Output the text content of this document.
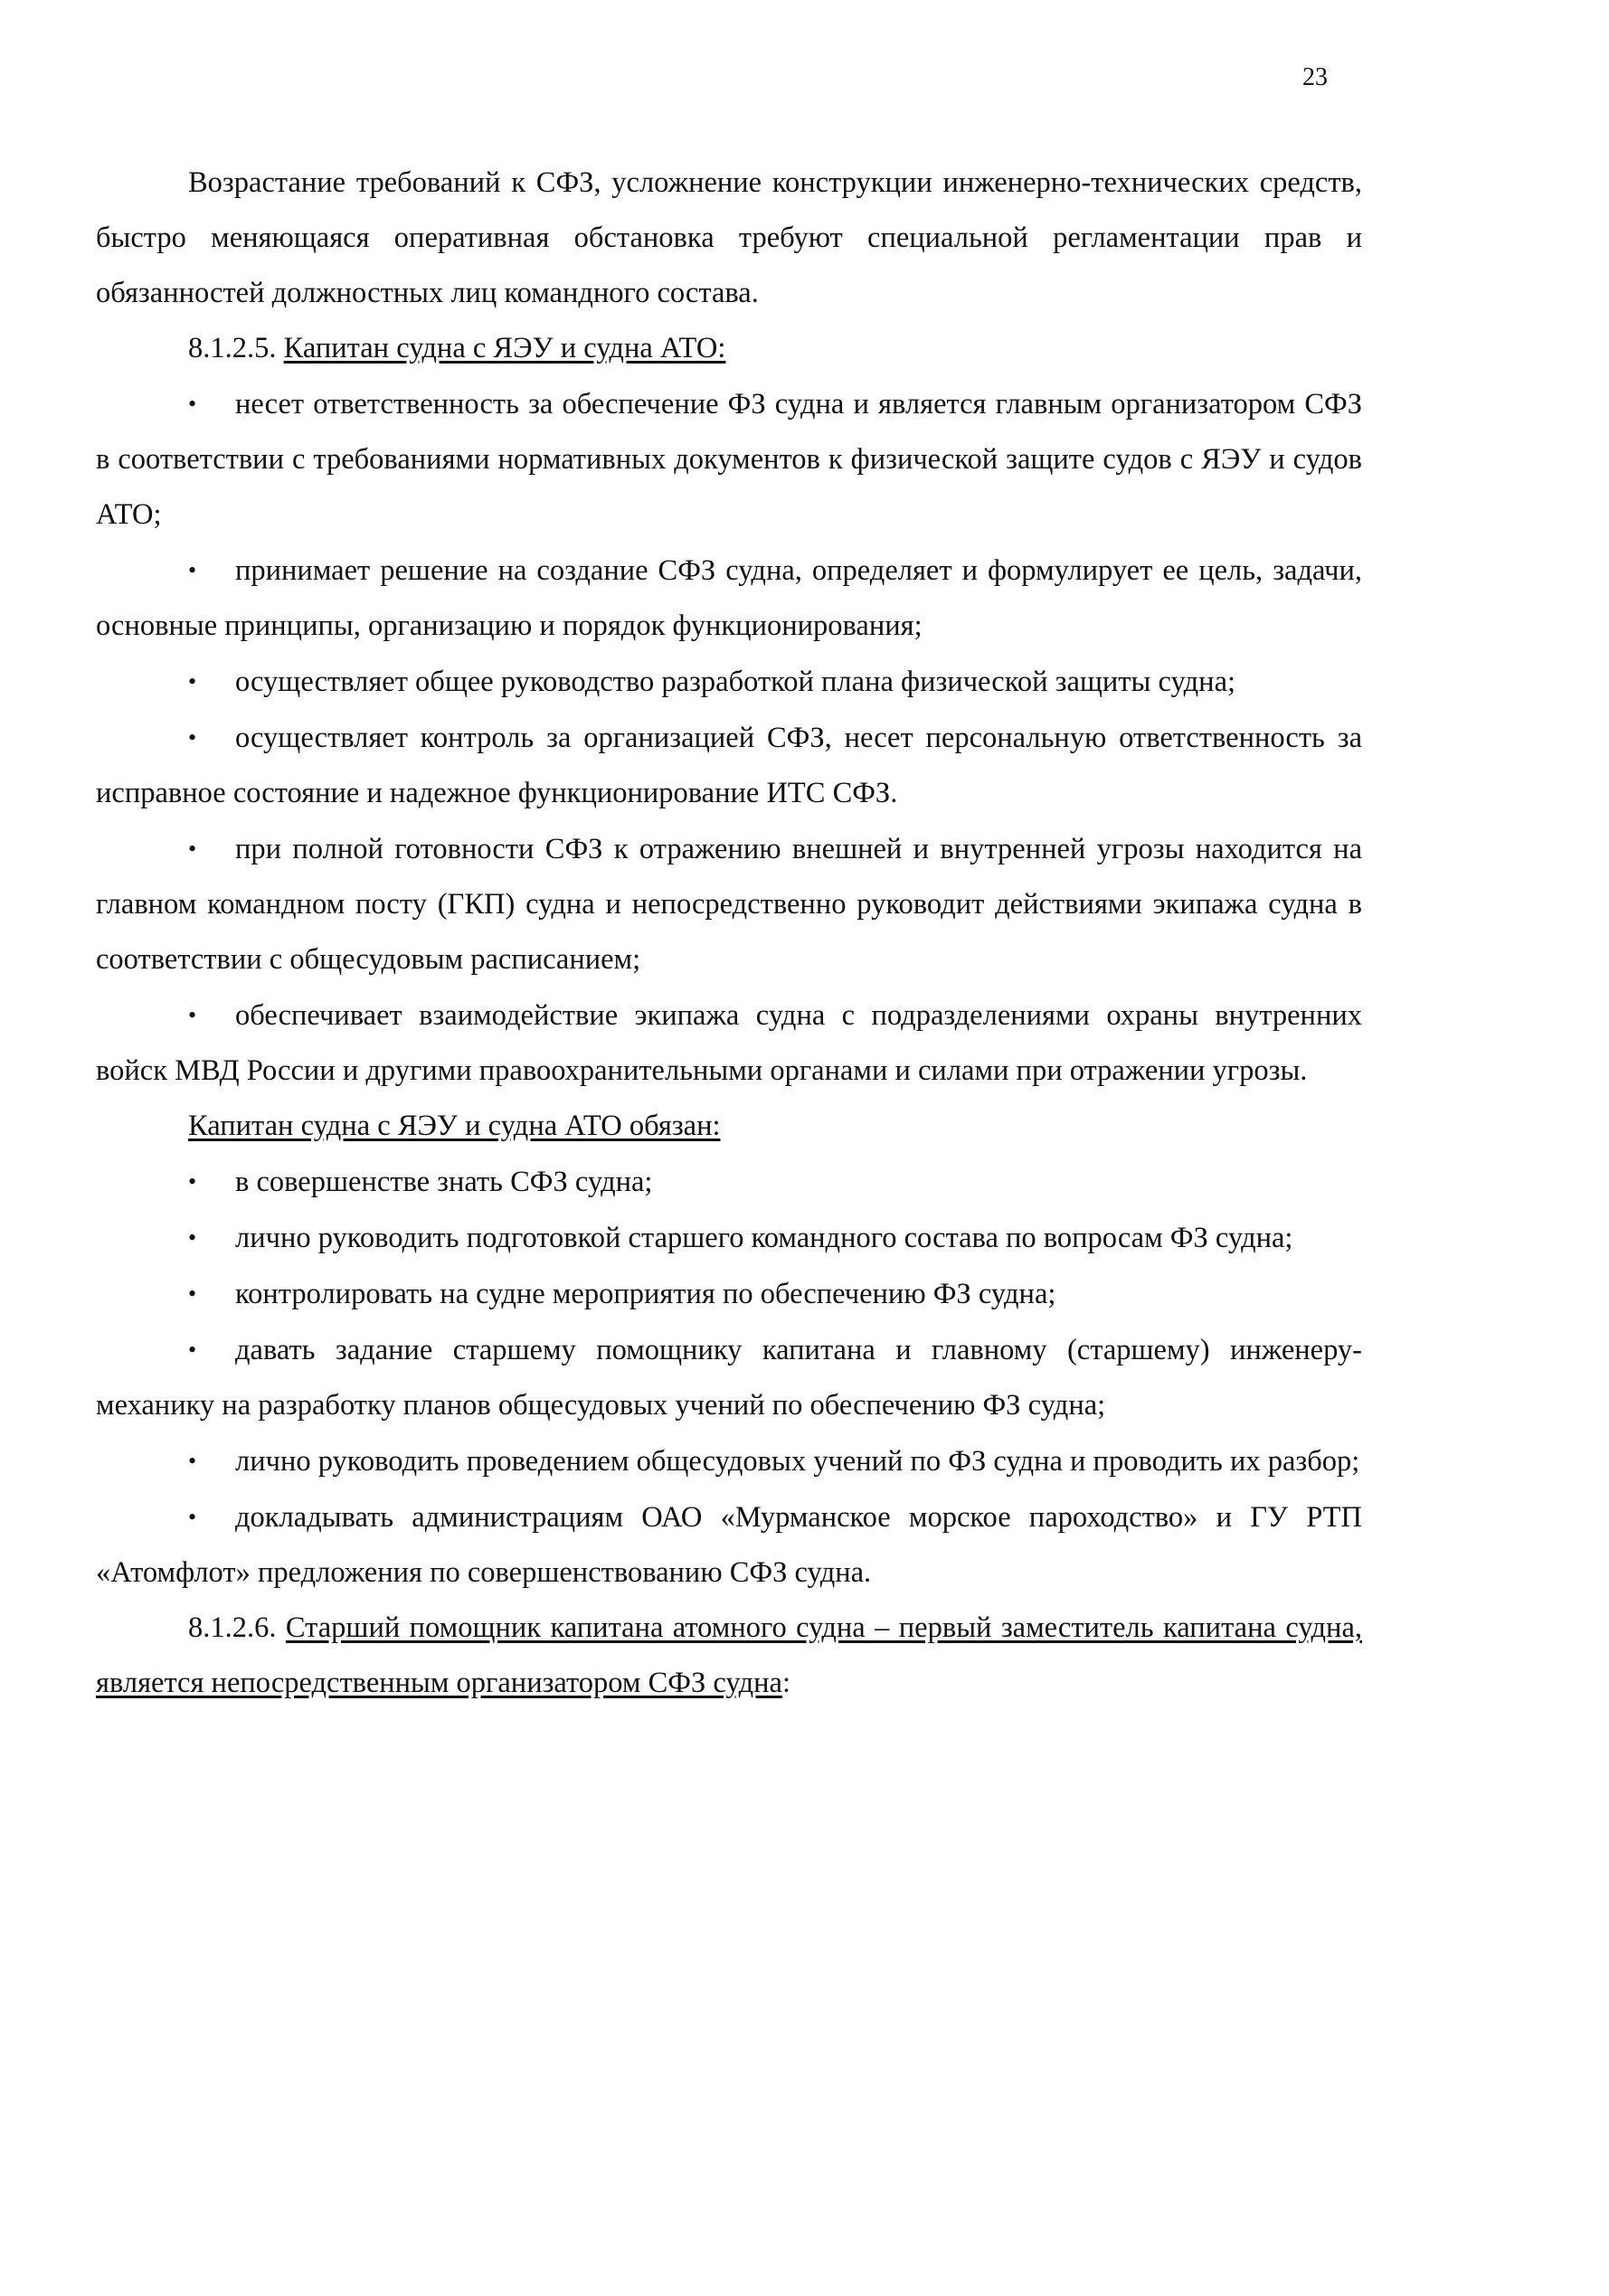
23

Возрастание требований к СФЗ, усложнение конструкции инженерно-технических средств, быстро меняющаяся оперативная обстановка требуют специальной регламентации прав и обязанностей должностных лиц командного состава.

8.1.2.5. Капитан судна с ЯЭУ и судна АТО:

• несет ответственность за обеспечение ФЗ судна и является главным организатором СФЗ в соответствии с требованиями нормативных документов к физической защите судов с ЯЭУ и судов АТО;

• принимает решение на создание СФЗ судна, определяет и формулирует ее цель, задачи, основные принципы, организацию и порядок функционирования;

• осуществляет общее руководство разработкой плана физической защиты судна;

• осуществляет контроль за организацией СФЗ, несет персональную ответственность за исправное состояние и надежное функционирование ИТС СФЗ.

• при полной готовности СФЗ к отражению внешней и внутренней угрозы находится на главном командном посту (ГКП) судна и непосредственно руководит действиями экипажа судна в соответствии с общесудовым расписанием;

• обеспечивает взаимодействие экипажа судна с подразделениями охраны внутренних войск МВД России и другими правоохранительными органами и силами при отражении угрозы.

Капитан судна с ЯЭУ и судна АТО обязан:

• в совершенстве знать СФЗ судна;

• лично руководить подготовкой старшего командного состава по вопросам ФЗ судна;

• контролировать на судне мероприятия по обеспечению ФЗ судна;

• давать задание старшему помощнику капитана и главному (старшему) инженеру-механику на разработку планов общесудовых учений по обеспечению ФЗ судна;

• лично руководить проведением общесудовых учений по ФЗ судна и проводить их разбор;

• докладывать администрациям ОАО «Мурманское морское пароходство» и ГУ РТП «Атомфлот» предложения по совершенствованию СФЗ судна.

8.1.2.6. Старший помощник капитана атомного судна – первый заместитель капитана судна, является непосредственным организатором СФЗ судна:
